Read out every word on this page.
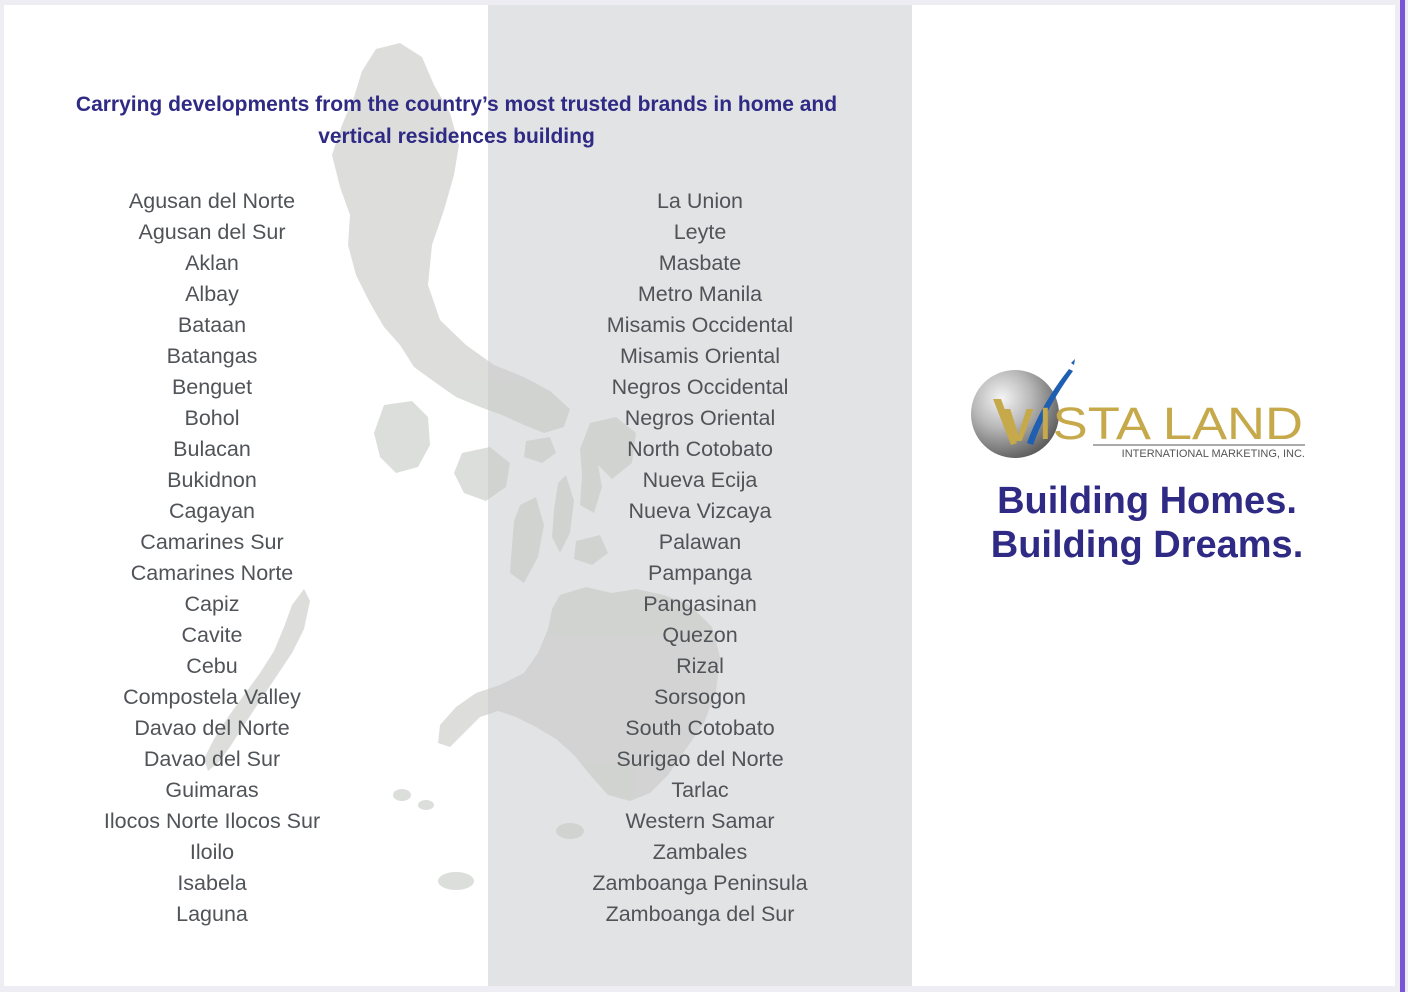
Carrying developments from the country’s most trusted brands in home and vertical residences building

Agusan del Norte
Agusan del Sur
Aklan
Albay
Bataan
Batangas
Benguet
Bohol
Bulacan
Bukidnon
Cagayan
Camarines Sur
Camarines Norte
Capiz
Cavite
Cebu
Compostela Valley
Davao del Norte
Davao del Sur
Guimaras
Ilocos Norte Ilocos Sur
Iloilo
Isabela
Laguna
La Union
Leyte
Masbate
Metro Manila
Misamis Occidental
Misamis Oriental
Negros Occidental
Negros Oriental
North Cotobato
Nueva Ecija
Nueva Vizcaya
Palawan
Pampanga
Pangasinan
Quezon
Rizal
Sorsogon
South Cotobato
Surigao del Norte
Tarlac
Western Samar
Zambales
Zamboanga Peninsula
Zamboanga del Sur
V ISTA LAND
INTERNATIONAL MARKETING, INC.
Building Homes.
Building Dreams.
